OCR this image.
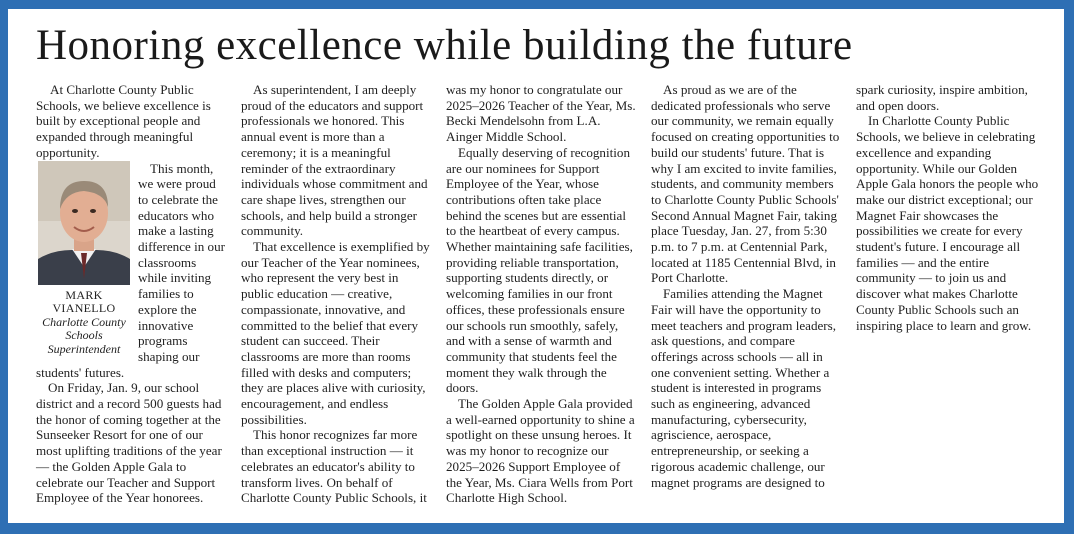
Honoring excellence while building the future

At Charlotte County Public Schools, we believe excellence is built by exceptional people and expanded through meaningful opportunity.

MARK
VIANELLO
Charlotte County Schools
Superintendent

This month, we were proud to celebrate the educators who make a lasting difference in our classrooms while inviting families to explore the innovative programs shaping our students' futures.

On Friday, Jan. 9, our school district and a record 500 guests had the honor of coming together at the Sunseeker Resort for one of our most uplifting traditions of the year — the Golden Apple Gala to celebrate our Teacher and Support Employee of the Year honorees.

As superintendent, I am deeply proud of the educators and support professionals we honored. This annual event is more than a ceremony; it is a meaningful reminder of the extraordinary individuals whose commitment and care shape lives, strengthen our schools, and help build a stronger community.

That excellence is exemplified by our Teacher of the Year nominees, who represent the very best in public education — creative, compassionate, innovative, and committed to the belief that every student can succeed. Their classrooms are more than rooms filled with desks and computers; they are places alive with curiosity, encouragement, and endless possibilities.

This honor recognizes far more than exceptional instruction — it celebrates an educator's ability to transform lives. On behalf of Charlotte County Public Schools, it was my honor to congratulate our 2025–2026 Teacher of the Year, Ms. Becki Mendelsohn from L.A. Ainger Middle School.

Equally deserving of recognition are our nominees for Support Employee of the Year, whose contributions often take place behind the scenes but are essential to the heartbeat of every campus. Whether maintaining safe facilities, providing reliable transportation, supporting students directly, or welcoming families in our front offices, these professionals ensure our schools run smoothly, safely, and with a sense of warmth and community that students feel the moment they walk through the doors.

The Golden Apple Gala provided a well-earned opportunity to shine a spotlight on these unsung heroes. It was my honor to recognize our 2025–2026 Support Employee of the Year, Ms. Ciara Wells from Port Charlotte High School.

As proud as we are of the dedicated professionals who serve our community, we remain equally focused on creating opportunities to build our students' future. That is why I am excited to invite families, students, and community members to Charlotte County Public Schools' Second Annual Magnet Fair, taking place Tuesday, Jan. 27, from 5:30 p.m. to 7 p.m. at Centennial Park, located at 1185 Centennial Blvd, in Port Charlotte.

Families attending the Magnet Fair will have the opportunity to meet teachers and program leaders, ask questions, and compare offerings across schools — all in one convenient setting. Whether a student is interested in programs such as engineering, advanced manufacturing, cybersecurity, agriscience, aerospace, entrepreneurship, or seeking a rigorous academic challenge, our magnet programs are designed to spark curiosity, inspire ambition, and open doors.

In Charlotte County Public Schools, we believe in celebrating excellence and expanding opportunity. While our Golden Apple Gala honors the people who make our district exceptional; our Magnet Fair showcases the possibilities we create for every student's future. I encourage all families — and the entire community — to join us and discover what makes Charlotte County Public Schools such an inspiring place to learn and grow.
